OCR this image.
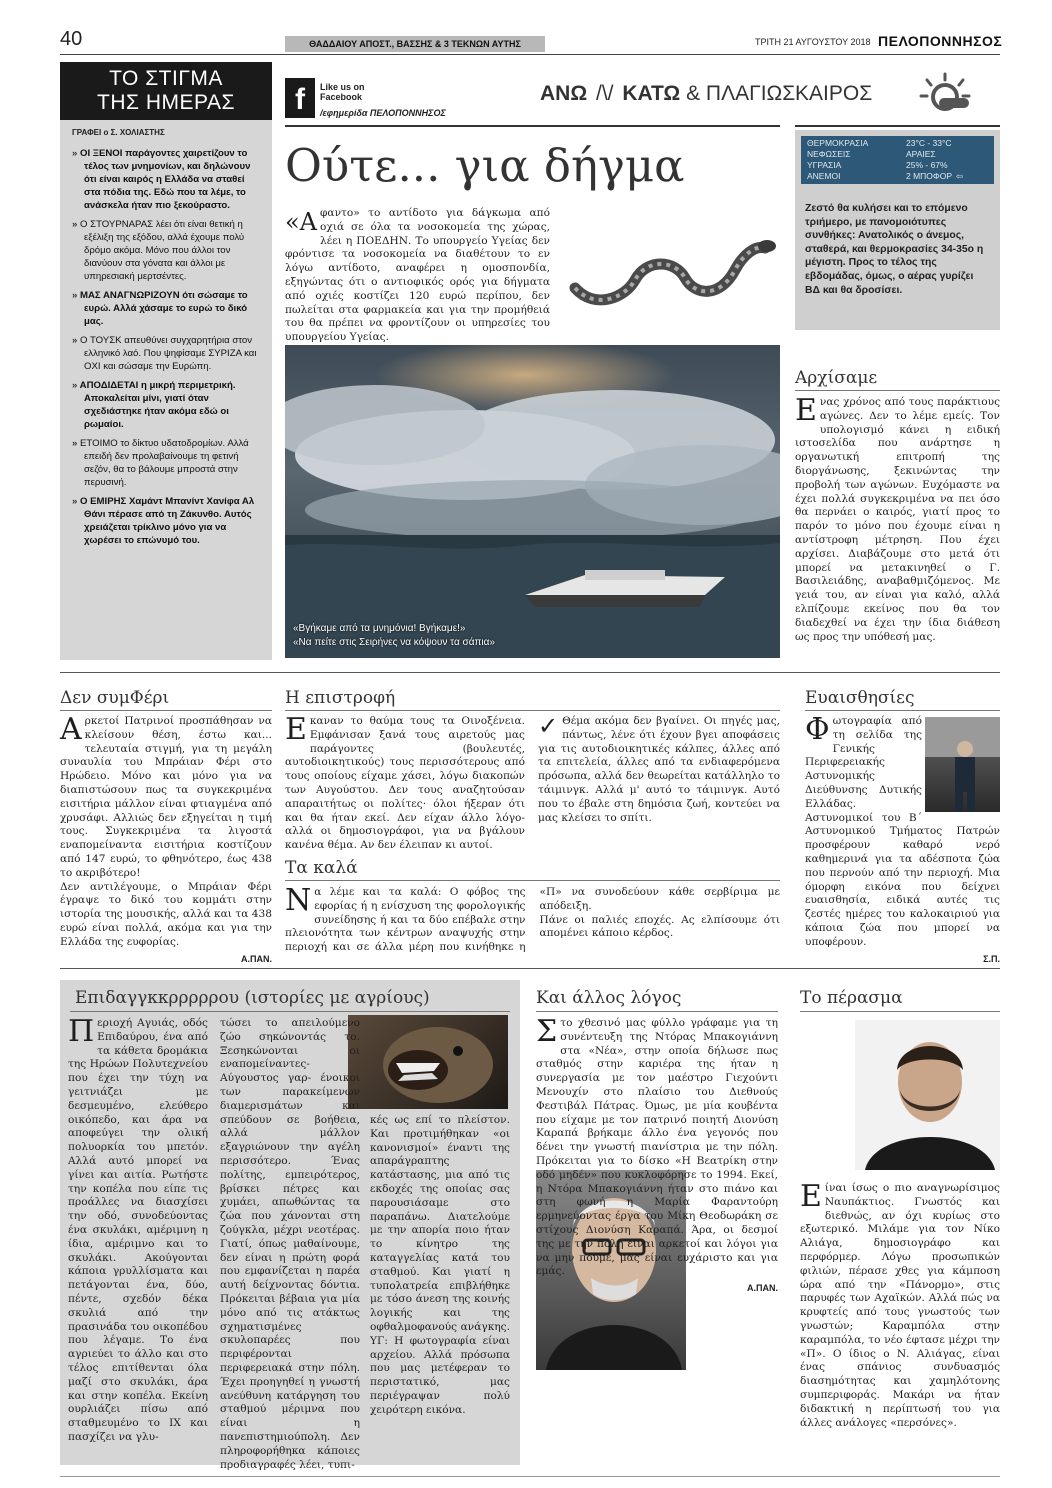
40	ΘΑΔΔΑΙΟΥ ΑΠΟΣΤ., ΒΑΣΣΗΣ & 3 ΤΕΚΝΩΝ ΑΥΤΗΣ	ΤΡΙΤΗ 21 ΑΥΓΟΥΣΤΟΥ 2018 ΠΕΛΟΠΟΝΝΗΣΟΣ
ΤΟ ΣΤΙΓΜΑ
ΤΗΣ ΗΜΕΡΑΣ
ΓΡΑΦΕΙ ο Σ. ΧΟΛΙΑΣΤΗΣ

» ΟΙ ΞΕΝΟΙ παράγοντες χαιρετίζουν το τέλος των μνημονίων, και δηλώνουν ότι είναι καιρός η Ελλάδα να σταθεί στα πόδια της. Εδώ που τα λέμε, το ανάσκελα ήταν πιο ξεκούραστο.

» Ο ΣΤΟΥΡΝΑΡΑΣ λέει ότι είναι θετική η εξέλιξη της εξόδου, αλλά έχουμε πολύ δρόμο ακόμα. Μόνο που άλλοι τον διανύουν στα γόνατα και άλλοι με υπηρεσιακή μερτσέντες.

» ΜΑΣ ΑΝΑΓΝΩΡΙΖΟΥΝ ότι σώσαμε το ευρώ. Αλλά χάσαμε το ευρώ το δικό μας.

» Ο ΤΟΥΣΚ απευθύνει συγχαρητήρια στον ελληνικό λαό. Που ψηφίσαμε ΣΥΡΙΖΑ και ΟΧΙ και σώσαμε την Ευρώπη.

» ΑΠΟΔΙΔΕΤΑΙ η μικρή περιμετρική. Αποκαλείται μίνι, γιατί όταν σχεδιάστηκε ήταν ακόμα εδώ οι ρωμαίοι.

» ΕΤΟΙΜΟ το δίκτυο υδατοδρομίων. Αλλά επειδή δεν προλαβαίνουμε τη φετινή σεζόν, θα το βάλουμε μπροστά στην περυσινή.

» Ο ΕΜΙΡΗΣ Χαμάντ Μπανίντ Χανίφα Αλ Θάνι πέρασε από τη Ζάκυνθο. Αυτός χρειάζεται τρίκλινο μόνο για να χωρέσει το επώνυμό του.

f	Like us on
Facebook
/εφημερίδα ΠΕΛΟΠΟΝΝΗΣΟΣ
ΑΝΩ /\/ ΚΑΤΩ & ΠΛΑΓΙΩΣ
Ούτε... για δήγμα
«Αφαντο» το αντίδοτο για δάγκωμα από οχιά σε όλα τα νοσοκομεία της χώρας, λέει η ΠΟΕΔΗΝ. Το υπουργείο Υγείας δεν φρόντισε τα νοσοκομεία να διαθέτουν το εν λόγω αντίδοτο, αναφέρει η ομοσπονδία, εξηγώντας ότι ο αντιοφικός ορός για δήγματα από οχιές κοστίζει 120 ευρώ περίπου, δεν πωλείται στα φαρμακεία και για την προμήθειά του θα πρέπει να φροντίζουν οι υπηρεσίες του υπουργείου Υγείας.
«Βγήκαμε από τα μνημόνια! Βγήκαμε!»
«Να πείτε στις Σειρήνες να κόψουν τα σάπια»
ΚΑΙΡΟΣ
ΘΕΡΜΟΚΡΑΣΙΑ	23°C - 33°C
ΝΕΦΩΣΕΙΣ	ΑΡΑΙΕΣ
ΥΓΡΑΣΙΑ	25% - 67%
ΑΝΕΜΟΙ	2 ΜΠΟΦΟΡ ⇦
Ζεστό θα κυλήσει και το επόμενο τριήμερο, με πανομοιότυπες συνθήκες: Ανατολικός ο άνεμος, σταθερά, και θερμοκρασίες 34-35ο η μέγιστη. Προς το τέλος της εβδομάδας, όμως, ο αέρας γυρίζει ΒΔ και θα δροσίσει.
Αρχίσαμε
Ενας χρόνος από τους παράκτιους αγώνες. Δεν το λέμε εμείς. Τον υπολογισμό κάνει η ειδική ιστοσελίδα που ανάρτησε η οργανωτική επιτροπή της διοργάνωσης, ξεκινώντας την προβολή των αγώνων. Ευχόμαστε να έχει πολλά συγκεκριμένα να πει όσο θα περνάει ο καιρός, γιατί προς το παρόν το μόνο που έχουμε είναι η αντίστροφη μέτρηση. Που έχει αρχίσει. Διαβάζουμε στο μετά ότι μπορεί να μετακινηθεί ο Γ. Βασιλειάδης, αναβαθμιζόμενος. Με γειά του, αν είναι για καλό, αλλά ελπίζουμε εκείνος που θα τον διαδεχθεί να έχει την ίδια διάθεση ως προς την υπόθεσή μας.
Δεν συμΦέρι
Αρκετοί Πατρινοί προσπάθησαν να κλείσουν θέση, έστω και... τελευταία στιγμή, για τη μεγάλη συναυλία του Μπράιαν Φέρι στο Ηρώδειο. Μόνο και μόνο για να διαπιστώσουν πως τα συγκεκριμένα εισιτήρια μάλλον είναι φτιαγμένα από χρυσάφι. Αλλιώς δεν εξηγείται η τιμή τους. Συγκεκριμένα τα λιγοστά εναπομείναντα εισιτήρια κοστίζουν από 147 ευρώ, το φθηνότερο, έως 438 το ακριβότερο!

Δεν αντιλέγουμε, ο Μπράιαν Φέρι έγραψε το δικό του κομμάτι στην ιστορία της μουσικής, αλλά και τα 438 ευρώ είναι πολλά, ακόμα και για την Ελλάδα της ευφορίας.

Α.ΠΑΝ.
Η επιστροφή
Εκαναν το θαύμα τους τα Οινοξένεια. Εμφάνισαν ξανά τους αιρετούς μας παράγοντες (βουλευτές, αυτοδιοικητικούς) τους περισσότερους από τους οποίους είχαμε χάσει, λόγω διακοπών των Αυγούστου. Δεν τους αναζητούσαν απαραιτήτως οι πολίτες· όλοι ήξεραν ότι και θα ήταν εκεί. Δεν είχαν άλλο λόγο- αλλά οι δημοσιογράφοι, για να βγάλουν κανένα θέμα. Αν δεν έλειπαν κι αυτοί.
✓ Θέμα ακόμα δεν βγαίνει. Οι πηγές μας, πάντως, λένε ότι έχουν βγει αποφάσεις για τις αυτοδιοικητικές κάλπες, άλλες από τα επιτελεία, άλλες από τα ενδιαφερόμενα πρόσωπα, αλλά δεν θεωρείται κατάλληλο το τάιμινγκ. Αλλά μ' αυτό το τάιμινγκ. Αυτό που το έβαλε στη δημόσια ζωή, κοντεύει να μας κλείσει το σπίτι.
Τα καλά
Να λέμε και τα καλά: Ο φόβος της εφορίας ή η ενίσχυση της φορολογικής συνείδησης ή και τα δύο επέβαλε στην πλειονότητα των κέντρων αναψυχής στην περιοχή και σε άλλα μέρη που κινήθηκε η «Π» να συνοδεύουν κάθε σερβίριμα με απόδειξη.

Πάνε οι παλιές εποχές. Ας ελπίσουμε ότι απομένει κάποιο κέρδος.

Ευαισθησίες
Φωτογραφία από τη σελίδα της Γενικής Περιφερειακής Αστυνομικής Διεύθυνσης Δυτικής Ελλάδας. Αστυνομικοί του Β΄ Αστυνομικού Τμήματος Πατρών προσφέρουν καθαρό νερό καθημερινά για τα αδέσποτα ζώα που περνούν από την περιοχή. Μια όμορφη εικόνα που δείχνει ευαισθησία, ειδικά αυτές τις ζεστές ημέρες του καλοκαιριού για κάποια ζώα που μπορεί να υποφέρουν.
Σ.Π.
Επιδαγγκκρρρρρου (ιστορίες με αγρίους)
Περιοχή Αγυιάς, οδός Επιδαύρου, ένα από τα κάθετα δρομάκια της Ηρώων Πολυτεχνείου που έχει την τύχη να γειτνιάζει με δεσμευμένο, ελεύθερο οικόπεδο, και άρα να αποφεύγει την ολική πολυορκία του μπετόν. Αλλά αυτό μπορεί να γίνει και αιτία. Ρωτήστε την κοπέλα που είπε τις προάλλες να διασχίσει την οδό, συνοδεύοντας ένα σκυλάκι, αμέριμνη η ίδια, αμέριμνο και το σκυλάκι. Ακούγονται κάποια γρυλλίσματα και πετάγονται ένα, δύο, πέντε, σχεδόν δέκα σκυλιά από την πρασινάδα του οικοπέδου που λέγαμε. Το ένα αγριεύει το άλλο και στο τέλος επιτίθενται όλα μαζί στο σκυλάκι, άρα και στην κοπέλα. Εκείνη ουρλιάζει πίσω από σταθμευμένο το ΙΧ και πασχίζει να γλυ-
τώσει το απειλούμενο ζώο σηκώνοντάς το. Ξεσηκώνονται οι εναπομείναντες- Αύγουστος γαρ- ένοικοι των παρακείμενων διαμερισμάτων και σπεύδουν σε βοήθεια, αλλά μάλλον εξαγριώνουν την αγέλη περισσότερο. Ένας πολίτης, εμπειρότερος, βρίσκει πέτρες και χυμάει, απωθώντας τα ζώα που χάνονται στη ζούγκλα, μέχρι νεοτέρας. Γιατί, όπως μαθαίνουμε, δεν είναι η πρώτη φορά που εμφανίζεται η παρέα αυτή δείχνοντας δόντια. Πρόκειται βέβαια για μία μόνο από τις ατάκτως σχηματισμένες σκυλοπαρέες που περιφέρονται περιφερειακά στην πόλη. Έχει προηγηθεί η γνωστή ανεύθυνη κατάργηση του σταθμού μέριμνα που είναι η πανεπιστημιούπολη. Δεν πληροφορήθηκα κάποιες προδιαγραφές λέει, τυπι-
κές ως επί το πλείστον. Και προτιμήθηκαν «οι κανονισμοί» έναντι της απαράγραπτης κατάστασης, μια από τις εκδοχές της οποίας σας παρουσιάσαμε στο παραπάνω. Διατελούμε με την απορία ποιο ήταν το κίνητρο της καταγγελίας κατά του σταθμού. Και γιατί η τυπολατρεία επιβλήθηκε με τόσο άνεση της κοινής λογικής και της οφθαλμοφανούς ανάγκης. ΥΓ: Η φωτογραφία είναι αρχείου. Αλλά πρόσωπα που μας μετέφεραν το περιστατικό, μας περιέγραψαν πολύ χειρότερη εικόνα.
Και άλλος λόγος
Στο χθεσινό μας φύλλο γράφαμε για τη συνέντευξη της Ντόρας Μπακογιάννη στα «Νέα», στην οποία δήλωσε πως σταθμός στην καριέρα της ήταν η συνεργασία με τον μαέστρο Γιεχούντι Μενουχίν στο πλαίσιο του Διεθνούς Φεστιβάλ Πάτρας. Όμως, με μία κουβέντα που είχαμε με τον πατρινό ποιητή Διονύση Καραπά βρήκαμε άλλο ένα γεγονός που δένει την γνωστή πιανίστρια με την πόλη. Πρόκειται για το δίσκο «Η Βεατρίκη στην οδό μηδέν» που κυκλοφόρησε το 1994. Εκεί, η Ντόρα Μπακογιάννη ήταν στο πιάνο και στη φωνή η Μαρία Φαραντούρη ερμηνεύοντας έργα του Μίκη Θεοδωράκη σε στίχους Διονύση Καραπά. Άρα, οι δεσμοί της με την πόλη είναι αρκετοί και λόγοι για να μην πούμε, μας είναι ευχάριστο και για εμάς.
Α.ΠΑΝ.
Το πέρασμα
Είναι ίσως ο πιο αναγνωρίσιμος Ναυπάκτιος. Γνωστός και διεθνώς, αν όχι κυρίως στο εξωτερικό. Μιλάμε για τον Νίκο Αλιάγα, δημοσιογράφο και περφόρμερ. Λόγω προσωπικών φιλιών, πέρασε χθες για κάμποση ώρα από την «Πάνορμο», στις παρυφές των Αχαϊκών. Αλλά πώς να κρυφτείς από τους γνωστούς των γνωστών; Καραμπόλα στην καραμπόλα, το νέο έφτασε μέχρι την «Π». Ο ίδιος ο Ν. Αλιάγας, είναι ένας σπάνιος συνδυασμός διασημότητας και χαμηλότονης συμπεριφοράς. Μακάρι να ήταν διδακτική η περίπτωσή του για άλλες ανάλογες «περσόνες».
